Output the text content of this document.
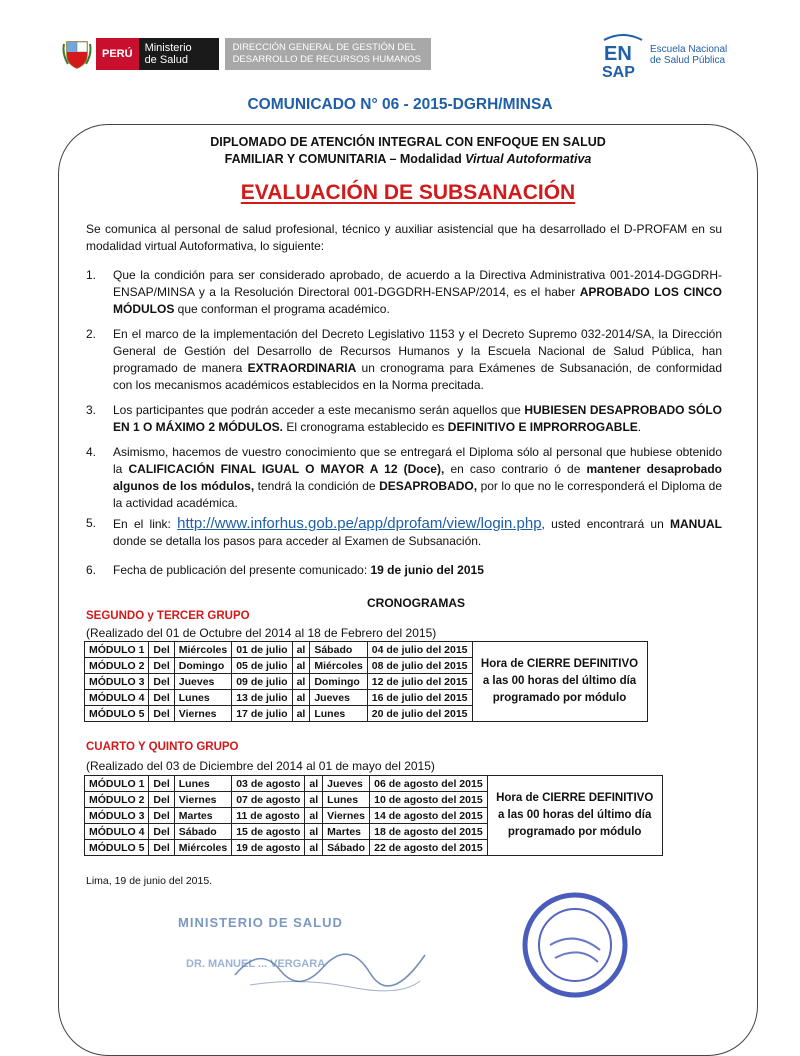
PERÚ	Ministerio
de Salud
DIRECCIÓN GENERAL DE GESTIÓN DEL
DESARROLLO DE RECURSOS HUMANOS	EN
SAP
Escuela Nacional
de Salud Pública
COMUNICADO N° 06 - 2015-DGRH/MINSA
DIPLOMADO DE ATENCIÓN INTEGRAL CON ENFOQUE EN SALUD
FAMILIAR Y COMUNITARIA – Modalidad Virtual Autoformativa
EVALUACIÓN DE SUBSANACIÓN
Se comunica al personal de salud profesional, técnico y auxiliar asistencial que ha desarrollado el D-PROFAM en su modalidad virtual Autoformativa, lo siguiente:
1.	Que la condición para ser considerado aprobado, de acuerdo a la Directiva Administrativa 001-2014-DGGDRH-ENSAP/MINSA y a la Resolución Directoral 001-DGGDRH-ENSAP/2014, es el haber APROBADO LOS CINCO MÓDULOS que conforman el programa académico.
2.	En el marco de la implementación del Decreto Legislativo 1153 y el Decreto Supremo 032-2014/SA, la Dirección General de Gestión del Desarrollo de Recursos Humanos y la Escuela Nacional de Salud Pública, han programado de manera EXTRAORDINARIA un cronograma para Exámenes de Subsanación, de conformidad con los mecanismos académicos establecidos en la Norma precitada.
3.	Los participantes que podrán acceder a este mecanismo serán aquellos que HUBIESEN DESAPROBADO SÓLO EN 1 O MÁXIMO 2 MÓDULOS. El cronograma establecido es DEFINITIVO E IMPRORROGABLE.
4.	Asimismo, hacemos de vuestro conocimiento que se entregará el Diploma sólo al personal que hubiese obtenido la CALIFICACIÓN FINAL IGUAL O MAYOR A 12 (Doce), en caso contrario ó de mantener desaprobado algunos de los módulos, tendrá la condición de DESAPROBADO, por lo que no le corresponderá el Diploma de la actividad académica.
5.	En el link: http://www.inforhus.gob.pe/app/dprofam/view/login.php, usted encontrará un MANUAL donde se detalla los pasos para acceder al Examen de Subsanación.
6.	Fecha de publicación del presente comunicado: 19 de junio del 2015
CRONOGRAMAS
SEGUNDO y TERCER GRUPO
(Realizado del 01 de Octubre del 2014 al 18 de Febrero del 2015)
MÓDULO 1	Del	Miércoles	01 de julio	al	Sábado	04 de julio del 2015	Hora de CIERRE DEFINITIVO a las 00 horas del último día programado por módulo
MÓDULO 2	Del	Domingo	05 de julio	al	Miércoles	08 de julio del 2015	
MÓDULO 3	Del	Jueves	09 de julio	al	Domingo	12 de julio del 2015	
MÓDULO 4	Del	Lunes	13 de julio	al	Jueves	16 de julio del 2015	
MÓDULO 5	Del	Viernes	17 de julio	al	Lunes	20 de julio del 2015	
CUARTO Y QUINTO GRUPO
(Realizado del 03 de Diciembre del 2014 al 01 de mayo del 2015)
MÓDULO 1	Del	Lunes	03 de agosto	al	Jueves	06 de agosto del 2015	Hora de CIERRE DEFINITIVO a las 00 horas del último día programado por módulo
MÓDULO 2	Del	Viernes	07 de agosto	al	Lunes	10 de agosto del 2015	
MÓDULO 3	Del	Martes	11 de agosto	al	Viernes	14 de agosto del 2015	
MÓDULO 4	Del	Sábado	15 de agosto	al	Martes	18 de agosto del 2015	
MÓDULO 5	Del	Miércoles	19 de agosto	al	Sábado	22 de agosto del 2015	
Lima, 19 de junio del 2015.
MINISTERIO DE SALUD
DR. MANUEL ... VERGARA
